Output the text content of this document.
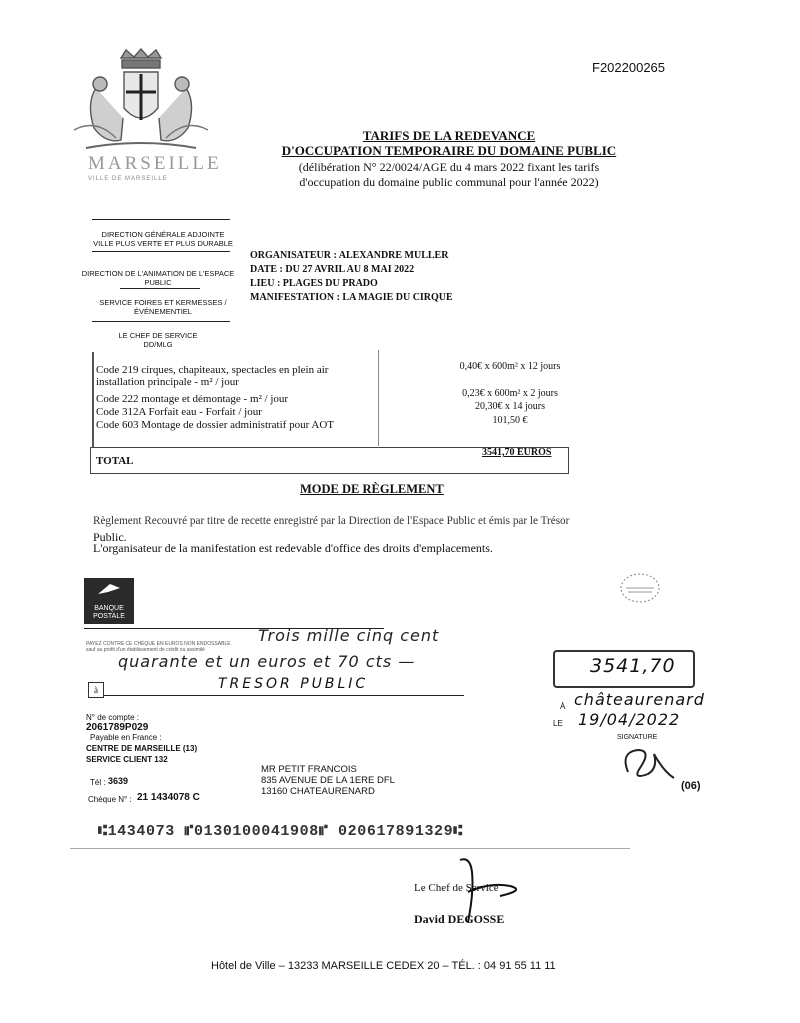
F202200265
MARSEILLE
VILLE DE MARSEILLE
TARIFS DE LA REDEVANCE
D'OCCUPATION TEMPORAIRE DU DOMAINE PUBLIC
(délibération N° 22/0024/AGE du 4 mars 2022 fixant les tarifs
d'occupation du domaine public communal pour l'année 2022)
DIRECTION GÉNÉRALE ADJOINTE
VILLE PLUS VERTE ET PLUS DURABLE
DIRECTION DE L'ANIMATION DE L'ESPACE
PUBLIC
SERVICE FOIRES ET KERMESSES /
ÉVÉNEMENTIEL
LE CHEF DE SERVICE
DD/MLG
ORGANISATEUR : ALEXANDRE MULLER
DATE : DU 27 AVRIL AU 8 MAI 2022
LIEU : PLAGES DU PRADO
MANIFESTATION : LA MAGIE DU CIRQUE
Code 219 cirques, chapiteaux, spectacles en plein air
installation principale - m² / jour
Code 222 montage et démontage - m² / jour
Code 312A Forfait eau - Forfait / jour
Code 603 Montage de dossier administratif pour AOT
0,40€ x 600m² x 12 jours
0,23€ x 600m² x 2 jours
20,30€ x 14 jours
101,50 €
TOTAL
3541,70 EUROS
MODE DE RÈGLEMENT
Règlement Recouvré par titre de recette enregistré par la Direction de l'Espace Public et émis par le Trésor
Public.
L'organisateur de la manifestation est redevable d'office des droits d'emplacements.
BANQUE
POSTALE
PAYEZ CONTRE CE CHÈQUE EN EUROS NON ENDOSSABLE
sauf au profit d'un établissement de crédit ou assimilé
Trois mille cinq cent
quarante et un euros et 70 cts —
à	TRESOR PUBLIC
3541,70
À châteaurenard
LE 19/04/2022
SIGNATURE
N° de compte :
2061789P029
Payable en France :
CENTRE DE MARSEILLE (13)
SERVICE CLIENT 132
Tél : 3639
Chèque N° : 21 1434078 C
MR PETIT FRANCOIS
835 AVENUE DE LA 1ERE DFL
13160 CHATEAURENARD	(06)
⑆1434073 ⑈0130100041908⑈ 020617891329⑆
Le Chef de Service
David DEGOSSE
Hôtel de Ville – 13233 MARSEILLE CEDEX 20 – TÉL. : 04 91 55 11 11
